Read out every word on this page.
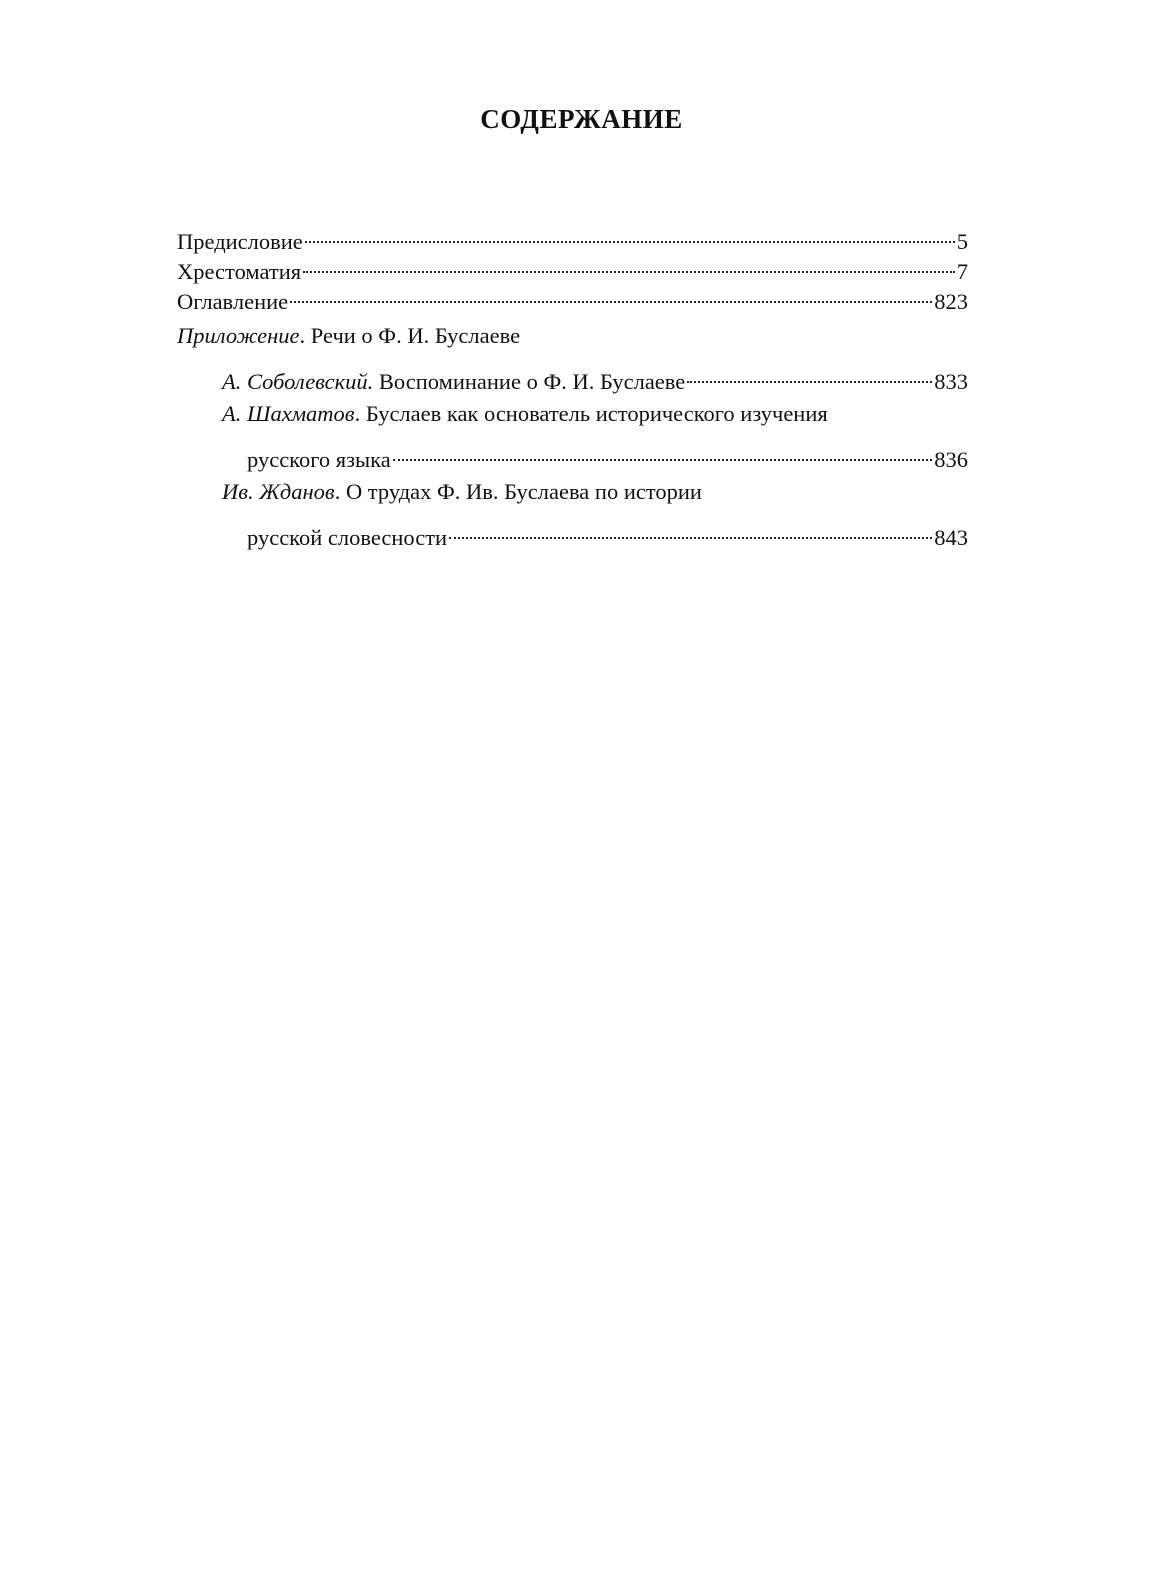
СОДЕРЖАНИЕ
Предисловие	5
Хрестоматия	7
Оглавление	823
Приложение. Речи о Ф. И. Буслаеве
А. Соболевский. Воспоминание о Ф. И. Буслаеве	833
А. Шахматов. Буслаев как основатель исторического изучения
русского языка	836
Ив. Жданов. О трудах Ф. Ив. Буслаева по истории
русской словесности	843
